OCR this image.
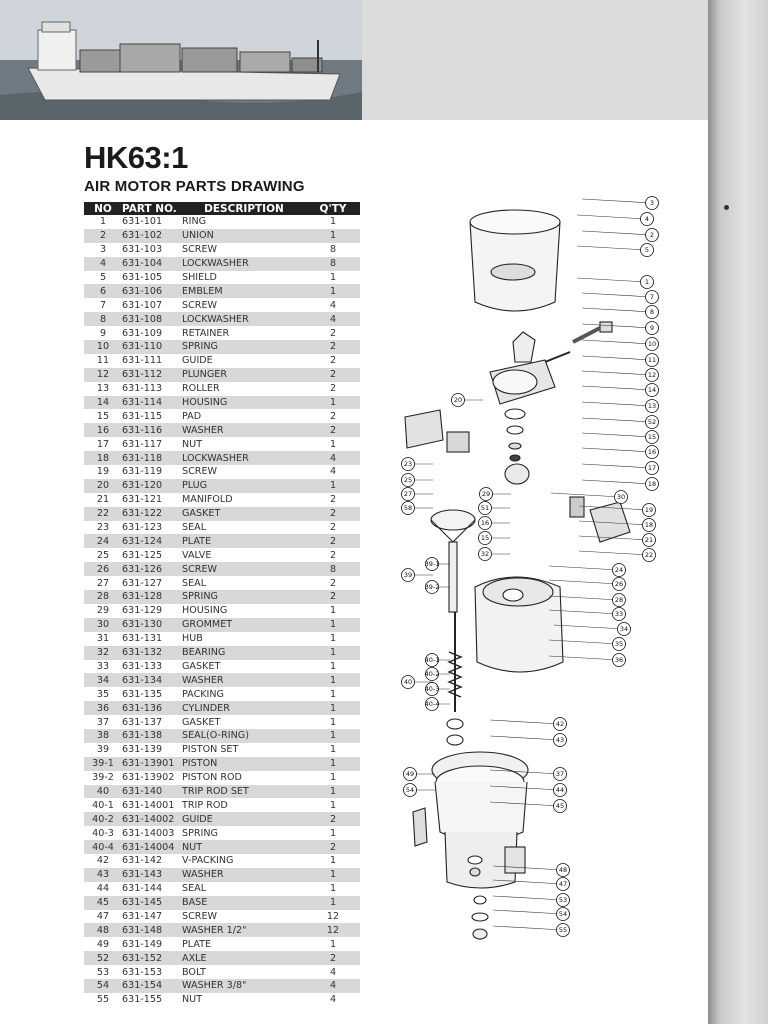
HK63:1
AIR MOTOR PARTS DRAWING
NO	PART NO.	DESCRIPTION	Q'TY
1	631-101	RING	1
2	631-102	UNION	1
3	631-103	SCREW	8
4	631-104	LOCKWASHER	8
5	631-105	SHIELD	1
6	631-106	EMBLEM	1
7	631-107	SCREW	4
8	631-108	LOCKWASHER	4
9	631-109	RETAINER	2
10	631-110	SPRING	2
11	631-111	GUIDE	2
12	631-112	PLUNGER	2
13	631-113	ROLLER	2
14	631-114	HOUSING	1
15	631-115	PAD	2
16	631-116	WASHER	2
17	631-117	NUT	1
18	631-118	LOCKWASHER	4
19	631-119	SCREW	4
20	631-120	PLUG	1
21	631-121	MANIFOLD	2
22	631-122	GASKET	2
23	631-123	SEAL	2
24	631-124	PLATE	2
25	631-125	VALVE	2
26	631-126	SCREW	8
27	631-127	SEAL	2
28	631-128	SPRING	2
29	631-129	HOUSING	1
30	631-130	GROMMET	1
31	631-131	HUB	1
32	631-132	BEARING	1
33	631-133	GASKET	1
34	631-134	WASHER	1
35	631-135	PACKING	1
36	631-136	CYLINDER	1
37	631-137	GASKET	1
38	631-138	SEAL(O-RING)	1
39	631-139	PISTON SET	1
39-1	631-13901	PISTON	1
39-2	631-13902	PISTON ROD	1
40	631-140	TRIP ROD SET	1
40-1	631-14001	TRIP ROD	1
40-2	631-14002	GUIDE	2
40-3	631-14003	SPRING	1
40-4	631-14004	NUT	2
42	631-142	V-PACKING	1
43	631-143	WASHER	1
44	631-144	SEAL	1
45	631-145	BASE	1
47	631-147	SCREW	12
48	631-148	WASHER 1/2"	12
49	631-149	PLATE	1
52	631-152	AXLE	2
53	631-153	BOLT	4
54	631-154	WASHER 3/8"	4
55	631-155	NUT	4
3
4
2
5
1
7
8
9
10
11
12
14
13
52
15
16
17
18
30
19
18
21
22
24
26
28
33
34
35
36
42
43
37
44
45
48
47
53
54
55
20
23
25
27	29
51
16
15
32
58
39
40
49
54
39-1
39-2
40-1
40-2
40-3
40-4
